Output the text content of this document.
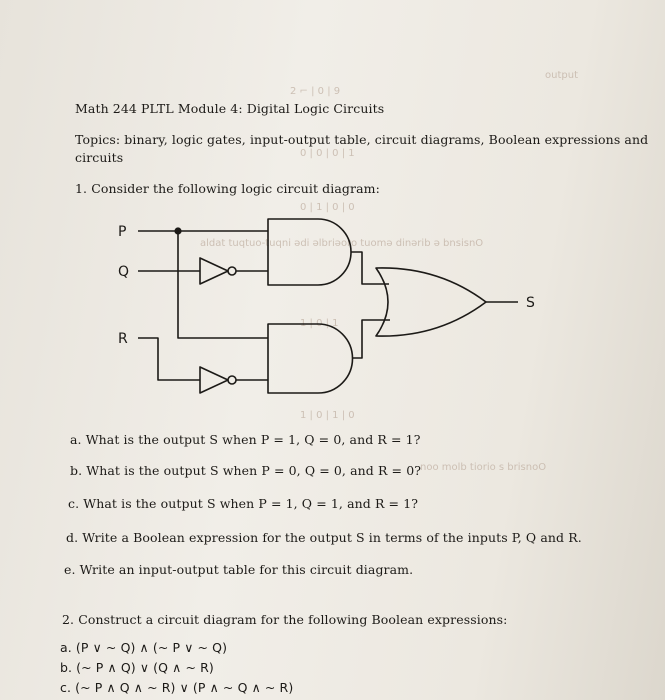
2 ⌐ | 0 | 9
output
0 | 0 | 0 | 1
0 | 1 | 0 | 0
aldat tuqtuo-tuqni ədi əlbriəoro tuomə dinərib ə bnsisnO
1 | 0 | 1
1 | 0 | 1 | 0
noo molb tiorio s brisnoO
Math 244 PLTL Module 4: Digital Logic Circuits
Topics: binary, logic gates, input-output table, circuit diagrams, Boolean expressions and
circuits
1. Consider the following logic circuit diagram:
P
Q
R
S
a. What is the output S when P = 1, Q = 0, and R = 1?
b. What is the output S when P = 0, Q = 0, and R = 0?
c. What is the output S when P = 1, Q = 1, and R = 1?
d. Write a Boolean expression for the output S in terms of the inputs P, Q and R.
e. Write an input-output table for this circuit diagram.
2. Construct a circuit diagram for the following Boolean expressions:
a. (P ∨ ~ Q) ∧ (~ P ∨ ~ Q)
b. (~ P ∧ Q) ∨ (Q ∧ ~ R)
c. (~ P ∧ Q ∧ ~ R) ∨ (P ∧ ~ Q ∧ ~ R)
